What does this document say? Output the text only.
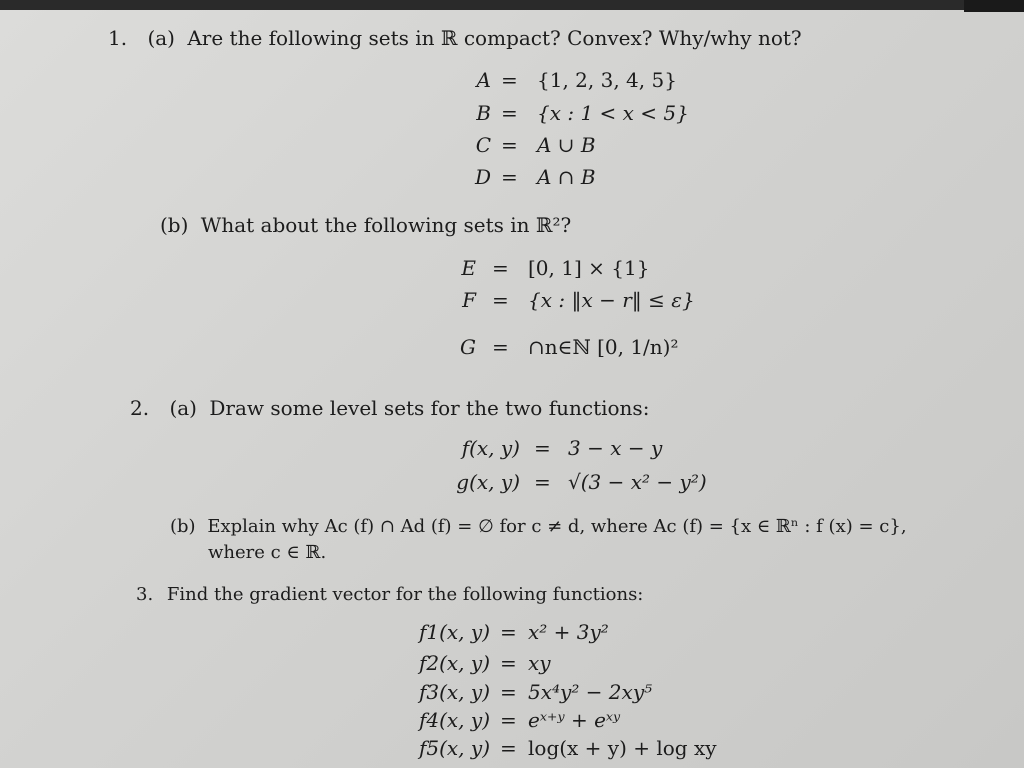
1. (a) Are the following sets in ℝ compact? Convex? Why/why not?
A = {1, 2, 3, 4, 5}
B = {x : 1 < x < 5}
C = A ∪ B
D = A ∩ B
(b) What about the following sets in ℝ²?
E = [0, 1] × {1}
F = {x : ‖x − r‖ ≤ ε}
G = ∩n∈ℕ [0, 1/n)²
2. (a) Draw some level sets for the two functions:
f(x, y) = 3 − x − y
g(x, y) = √(3 − x² − y²)
(b) Explain why Ac (f) ∩ Ad (f) = ∅ for c ≠ d, where Ac (f) = {x ∈ ℝⁿ : f (x) = c},
where c ∈ ℝ.
3. Find the gradient vector for the following functions:
f1(x, y) = x² + 3y²
f2(x, y) = xy
f3(x, y) = 5x⁴y² − 2xy⁵
f4(x, y) = eˣ⁺ʸ + eˣʸ
f5(x, y) = log(x + y) + log xy
